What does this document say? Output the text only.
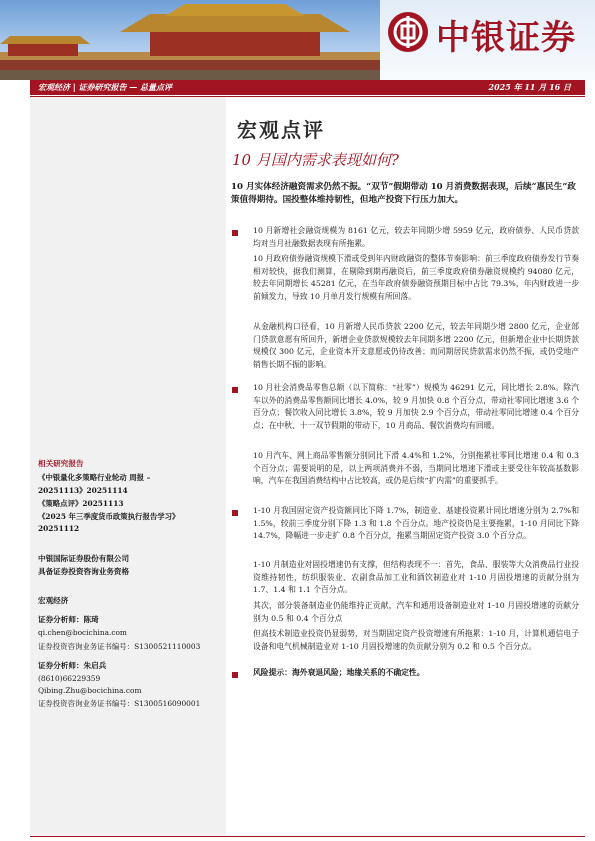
中银证券
宏观经济 | 证券研究报告 — 总量点评	2025 年 11 月 16 日
相关研究报告
《中银量化多策略行业轮动 周报 –
20251113》20251114
《策略点评》20251113
《2025 年三季度货币政策执行报告学习》
20251112
中银国际证券股份有限公司
具备证券投资咨询业务资格
宏观经济
证券分析师：陈琦
qi.chen@bocichina.com
证券投资咨询业务证书编号：S1300521110003
证券分析师：朱启兵
(8610)66229359
Qibing.Zhu@bocichina.com
证券投资咨询业务证书编号：S1300516090001
宏观点评
10 月国内需求表现如何?
10 月实体经济融资需求仍然不振。“双节”假期带动 10 月消费数据表现，后续“惠民生”政策值得期待。国投整体维持韧性，但地产投资下行压力加大。
10 月新增社会融资规模为 8161 亿元，较去年同期少增 5959 亿元，政府债券、人民币贷款均对当月社融数据表现有所拖累。
10 月政府债券融资规模下滑或受到年内财政融资的整体节奏影响：前三季度政府债券发行节奏相对较快，据我们测算，在剔除到期再融资后，前三季度政府债券融资规模约 94080 亿元，较去年同期增长 45281 亿元，在当年政府债券融资预期目标中占比 79.3%，年内财政进一步前倾发力，导致 10 月单月发行规模有所回落。
从金融机构口径看，10 月新增人民币贷款 2200 亿元，较去年同期少增 2800 亿元，企业部门贷款意愿有所回升，新增企业贷款规模较去年同期多增 2200 亿元，但新增企业中长期贷款规模仅 300 亿元，企业资本开支意愿或仍待改善；而同期居民贷款需求仍然不振，或仍受地产销售长期不振的影响。
10 月社会消费品零售总额（以下简称：“社零”）规模为 46291 亿元，同比增长 2.8%。除汽车以外的消费品零售额同比增长 4.0%，较 9 月加快 0.8 个百分点，带动社零同比增速 3.6 个百分点；餐饮收入同比增长 3.8%，较 9 月加快 2.9 个百分点，带动社零同比增速 0.4 个百分点；在中秋、十一双节假期的带动下，10 月商品、餐饮消费均有回暖。
10 月汽车、网上商品零售额分别同比下滑 4.4%和 1.2%，分别拖累社零同比增速 0.4 和 0.3 个百分点；需要说明的是，以上两项消费并不弱，当期同比增速下滑或主要受往年较高基数影响，汽车在我国消费结构中占比较高，或仍是后续“扩内需”的重要抓手。
1-10 月我国固定资产投资额同比下降 1.7%，制造业、基建投资累计同比增速分别为 2.7%和 1.5%，较前三季度分别下降 1.3 和 1.8 个百分点。地产投资仍是主要拖累，1-10 月同比下降 14.7%，降幅进一步走扩 0.8 个百分点，拖累当期固定资产投资 3.0 个百分点。
1-10 月制造业对固投增速仍有支撑，但结构表现不一：首先，食品、服装等大众消费品行业投资维持韧性，纺织服装业、农副食品加工业和酒饮制造业对 1-10 月固投增速的贡献分别为 1.7、1.4 和 1.1 个百分点。
其次，部分装备制造业仍能维持正贡献，汽车和通用设备制造业对 1-10 月固投增速的贡献分别为 0.5 和 0.4 个百分点
但高技术制造业投资仍显弱势，对当期固定资产投资增速有所拖累：1-10 月，计算机通信电子设备和电气机械制造业对 1-10 月固投增速的负贡献分别为 0.2 和 0.5 个百分点。
风险提示：海外衰退风险；地缘关系的不确定性。
